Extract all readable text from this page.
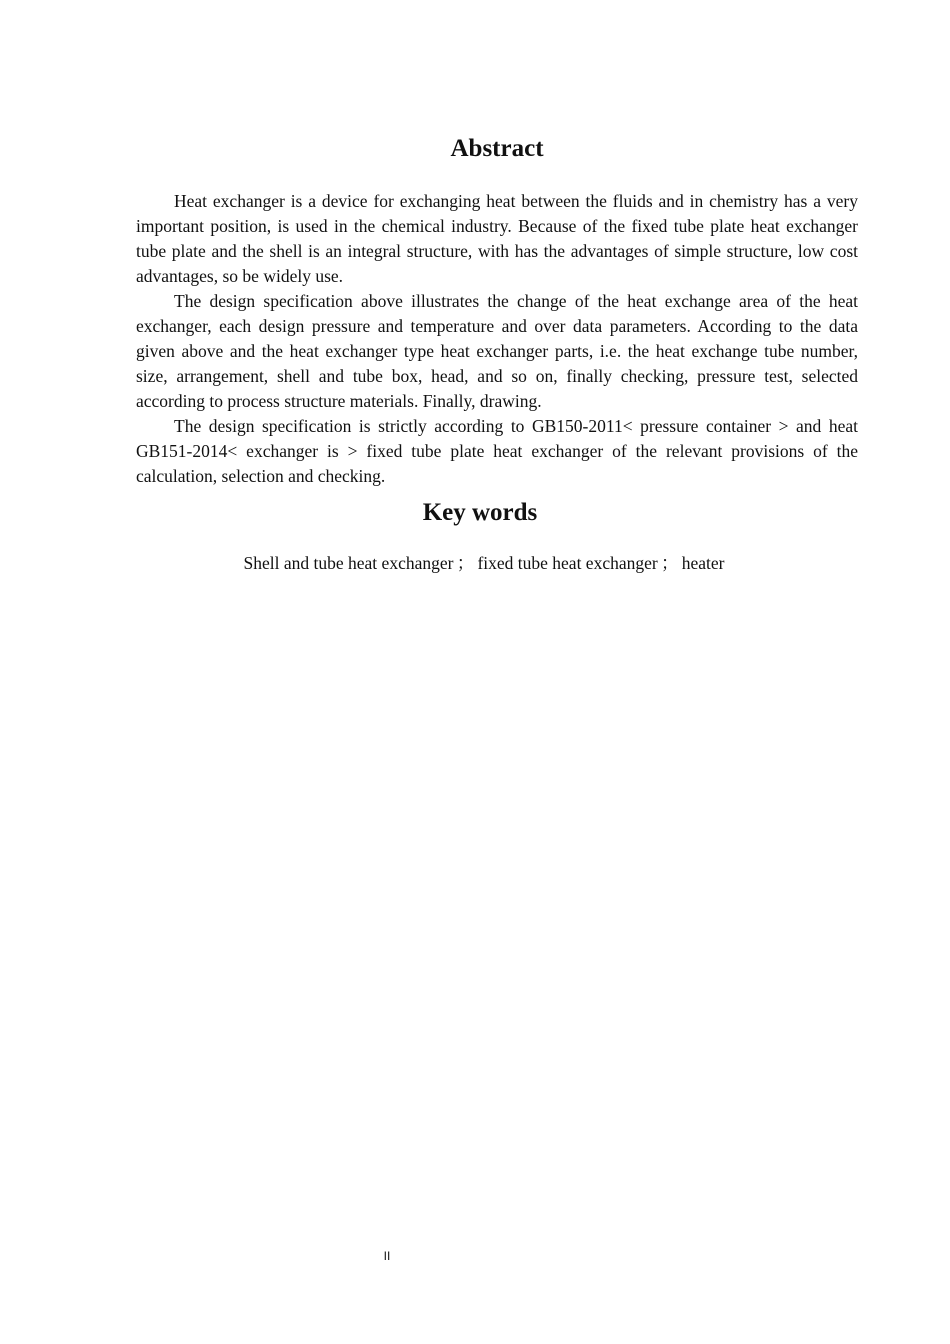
Abstract

Heat exchanger is a device for exchanging heat between the fluids and in chemistry has a very important position, is used in the chemical industry. Because of the fixed tube plate heat exchanger tube plate and the shell is an integral structure, with has the advantages of simple structure, low cost advantages, so be widely use.

The design specification above illustrates the change of the heat exchange area of the heat exchanger, each design pressure and temperature and over data parameters. According to the data given above and the heat exchanger type heat exchanger parts, i.e. the heat exchange tube number, size, arrangement, shell and tube box, head, and so on, finally checking, pressure test, selected according to process structure materials. Finally, drawing.

The design specification is strictly according to GB150-2011< pressure container > and heat GB151-2014< exchanger is > fixed tube plate heat exchanger of the relevant provisions of the calculation, selection and checking.

Key words
Shell and tube heat exchanger ； fixed tube heat exchanger ； heater
II
